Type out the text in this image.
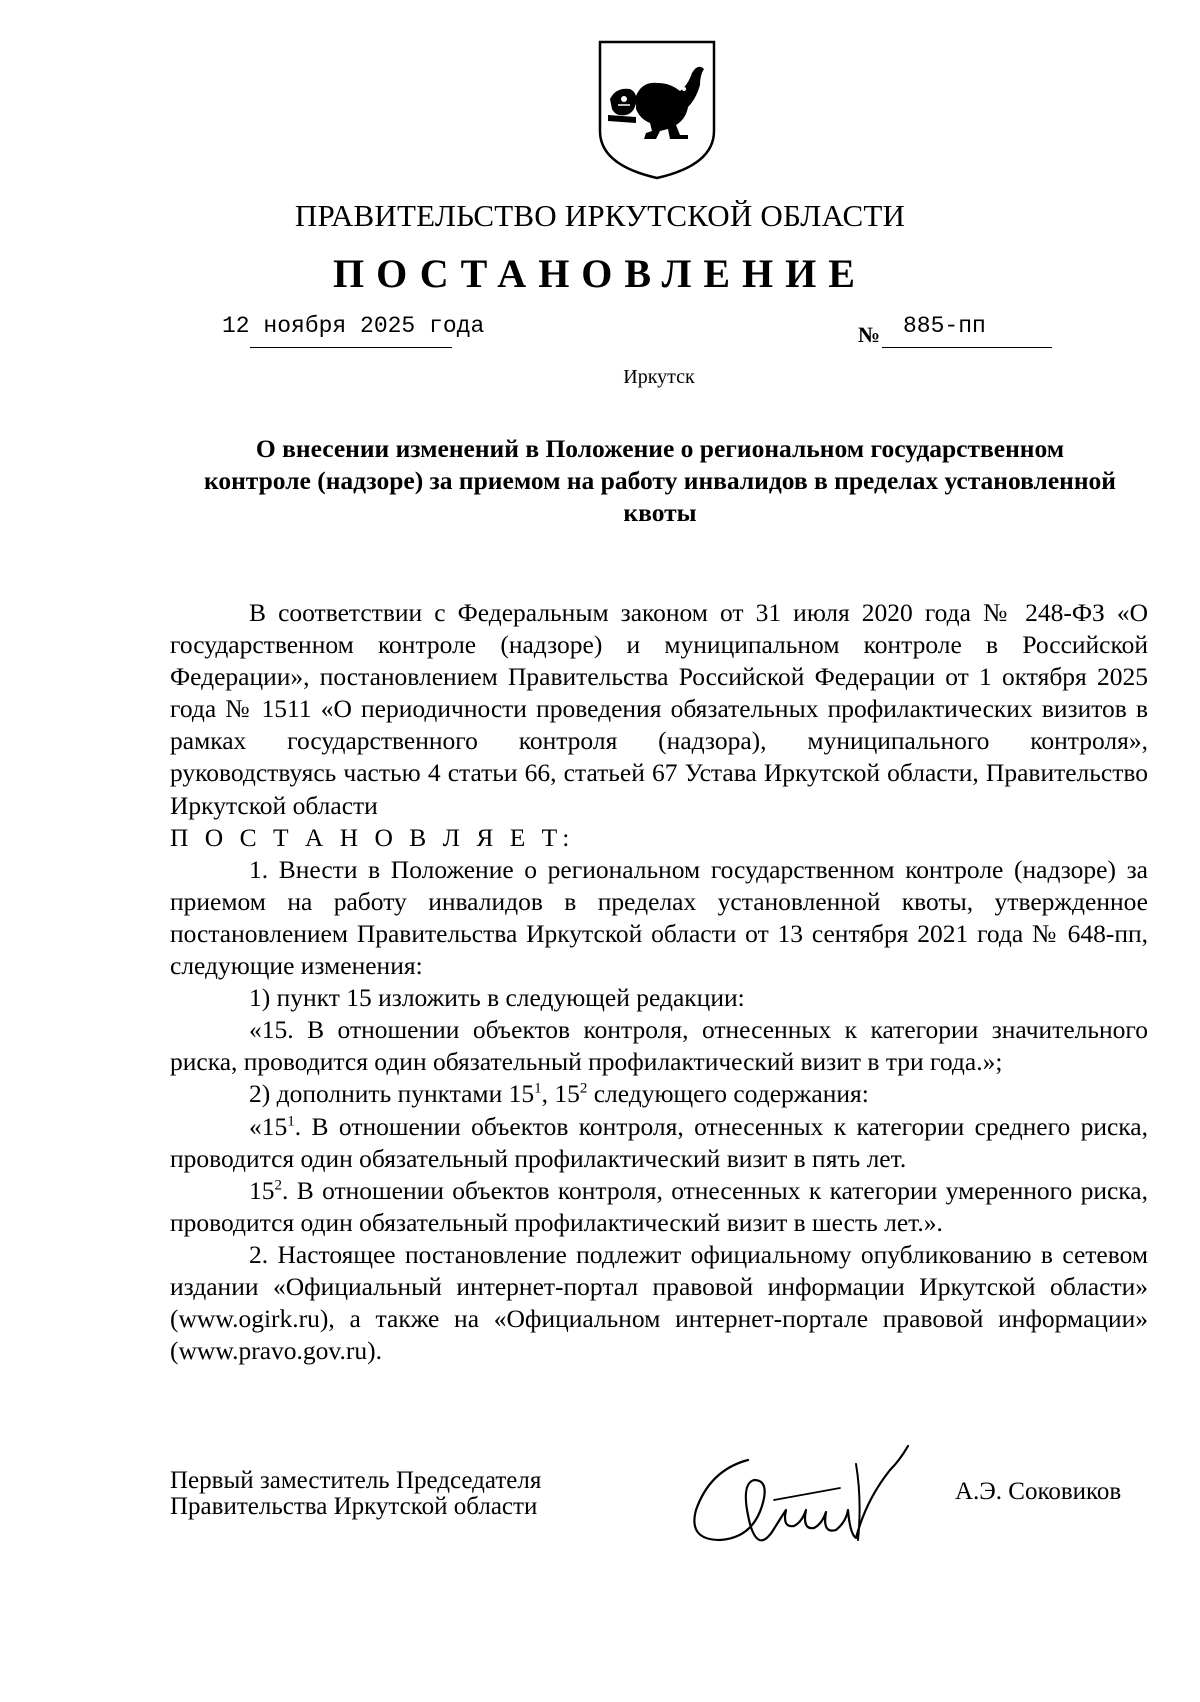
ПРАВИТЕЛЬСТВО ИРКУТСКОЙ ОБЛАСТИ
ПОСТАНОВЛЕНИЕ
12 ноября 2025 года	№ 885-пп
Иркутск
О внесении изменений в Положение о региональном государственном контроле (надзоре) за приемом на работу инвалидов в пределах установленной квоты

В соответствии с Федеральным законом от 31 июля 2020 года № 248-ФЗ «О государственном контроле (надзоре) и муниципальном контроле в Российской Федерации», постановлением Правительства Российской Федерации от 1 октября 2025 года № 1511 «О периодичности проведения обязательных профилактических визитов в рамках государственного контроля (надзора), муниципального контроля», руководствуясь частью 4 статьи 66, статьей 67 Устава Иркутской области, Правительство Иркутской области

П О С Т А Н О В Л Я Е Т:

1. Внести в Положение о региональном государственном контроле (надзоре) за приемом на работу инвалидов в пределах установленной квоты, утвержденное постановлением Правительства Иркутской области от 13 сентября 2021 года № 648-пп, следующие изменения:

1) пункт 15 изложить в следующей редакции:

«15. В отношении объектов контроля, отнесенных к категории значительного риска, проводится один обязательный профилактический визит в три года.»;

2) дополнить пунктами $15^1$, $15^2$ следующего содержания:

«$15^1$. В отношении объектов контроля, отнесенных к категории среднего риска, проводится один обязательный профилактический визит в пять лет.

$15^2$. В отношении объектов контроля, отнесенных к категории умеренного риска, проводится один обязательный профилактический визит в шесть лет.».

2. Настоящее постановление подлежит официальному опубликованию в сетевом издании «Официальный интернет-портал правовой информации Иркутской области» (www.ogirk.ru), а также на «Официальном интернет-портале правовой информации» (www.pravo.gov.ru).

Первый заместитель Председателя
Правительства Иркутской области
А.Э. Соковиков
